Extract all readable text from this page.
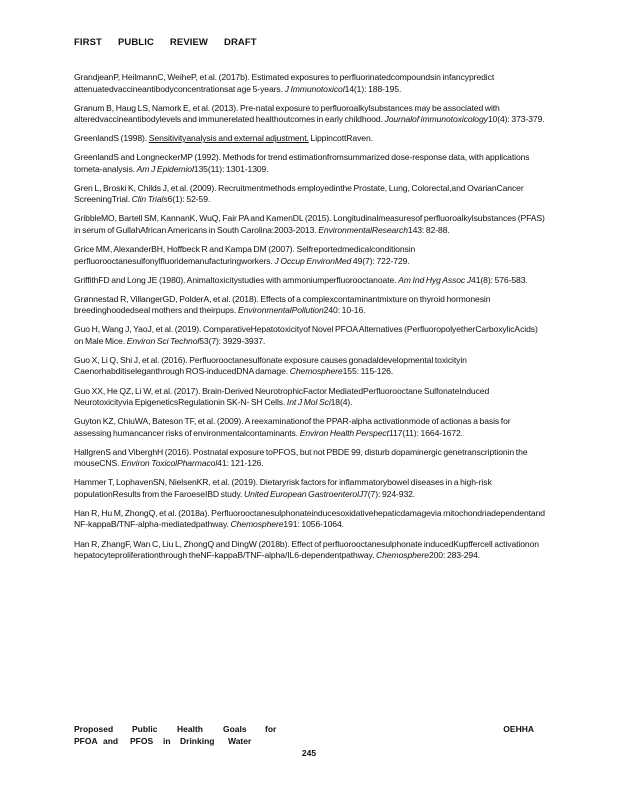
FIRST PUBLIC REVIEW DRAFT

GrandjeanP, HeilmannC, WeiheP, et al. (2017b). Estimated exposures to perfluorinatedcompoundsin infancypredict attenuatedvaccineantibodyconcentrationsat age 5-years. J Immunotoxicol14(1): 188-195.

Granum B, Haug LS, Namork E, et al. (2013). Pre-natal exposure to perfluoroalkylsubstances may be associated with alteredvaccineantibodylevels and immunerelated healthoutcomes in early childhood. Journalof immunotoxicology10(4): 373-379.

GreenlandS (1998). Sensitivityanalysis and external adjustment. LippincottRaven.

GreenlandS and LongneckerMP (1992). Methods for trend estimationfromsummarized dose-response data, with applications tometa-analysis. Am J Epidemiol135(11): 1301-1309.

Gren L, Broski K, Childs J, et al. (2009). Recruitmentmethods employedinthe Prostate, Lung, Colorectal,and OvarianCancer ScreeningTrial. Clin Trials6(1): 52-59.

GribbleMO, Bartell SM, KannanK, WuQ, Fair PA and KamenDL (2015). Longitudinalmeasuresof perfluoroalkylsubstances (PFAS) in serum of GullahAfrican Americans in South Carolina:2003-2013. EnvironmentalResearch143: 82-88.

Grice MM, AlexanderBH, Hoffbeck R and Kampa DM (2007). Selfreportedmedicalconditionsin perfluorooctanesulfonylfluoridemanufacturingworkers. J Occup EnvironMed 49(7): 722-729.

GriffithFD and Long JE (1980). Animaltoxicitystudies with ammoniumperfluorooctanoate. Am Ind Hyg Assoc J41(8): 576-583.

Grønnestad R, VillangerGD, PolderA, et al. (2018). Effects of a complexcontaminantmixture on thyroid hormonesin breedinghoodedseal mothers and theirpups. EnvironmentalPollution240: 10-16.

Guo H, Wang J, YaoJ, et al. (2019). ComparativeHepatotoxicityof Novel PFOA Alternatives (PerfluoropolyetherCarboxylicAcids) on Male Mice. Environ Sci Technol53(7): 3929-3937.

Guo X, Li Q, Shi J, et al. (2016). Perfluorooctanesulfonate exposure causes gonadaldevelopmental toxicityin Caenorhabditiseleganthrough ROS-inducedDNA damage. Chemosphere155: 115-126.

Guo XX, He QZ, Li W, et al. (2017). Brain-Derived NeurotrophicFactor MediatedPerfluorooctane SulfonateInduced Neurotoxicityvia EpigeneticsRegulationin SK-N- SH Cells. Int J Mol Sci18(4).

Guyton KZ, ChiuWA, Bateson TF, et al. (2009). A reexaminationof the PPAR-alpha activationmode of actionas a basis for assessing humancancer risks of environmentalcontaminants. Environ Health Perspect117(11): 1664-1672.

HallgrenS and ViberghH (2016). Postnatal exposure toPFOS, but not PBDE 99, disturb dopaminergic genetranscriptionin the mouseCNS. Environ ToxicolPharmacol41: 121-126.

Hammer T, LophavenSN, NielsenKR, et al. (2019). Dietaryrisk factors for inflammatorybowel diseases in a high-risk populationResults from the FaroeseIBD study. United European GastroenterolJ7(7): 924-932.

Han R, Hu M, ZhongQ, et al. (2018a). Perfluorooctanesulphonateinducesoxidativehepaticdamagevia mitochondriadependentand NF-kappaB/TNF-alpha-mediatedpathway. Chemosphere191: 1056-1064.

Han R, ZhangF, Wan C, Liu L, ZhongQ and DingW (2018b). Effect of perfluorooctanesulphonate inducedKupffercell activationon hepatocyteproliferationthrough theNF-kappaB/TNF-alpha/IL6-dependentpathway. Chemosphere200: 283-294.

Proposed	Public	Health	Goals	for
PFOA and	PFOS	in	Drinking	Water
OEHHA
245
